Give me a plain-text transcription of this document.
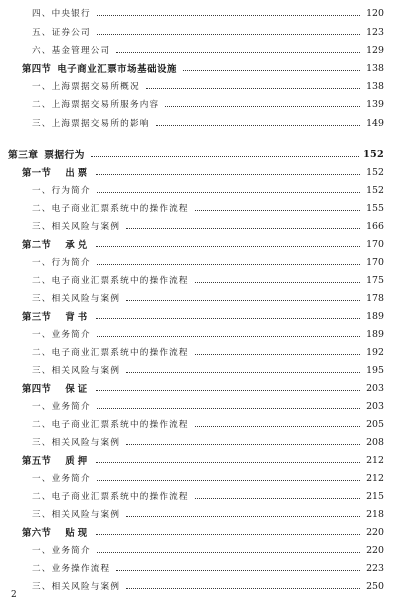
四、中央银行	120
五、证券公司	123
六、基金管理公司	129
第四节 电子商业汇票市场基础设施	138
一、上海票据交易所概况	138
二、上海票据交易所服务内容	139
三、上海票据交易所的影响	149
第三章 票据行为	152
第一节 出票	152
一、行为简介	152
二、电子商业汇票系统中的操作流程	155
三、相关风险与案例	166
第二节 承兑	170
一、行为简介	170
二、电子商业汇票系统中的操作流程	175
三、相关风险与案例	178
第三节 背书	189
一、业务简介	189
二、电子商业汇票系统中的操作流程	192
三、相关风险与案例	195
第四节 保证	203
一、业务简介	203
二、电子商业汇票系统中的操作流程	205
三、相关风险与案例	208
第五节 质押	212
一、业务简介	212
二、电子商业汇票系统中的操作流程	215
三、相关风险与案例	218
第六节 贴现	220
一、业务简介	220
二、业务操作流程	223
三、相关风险与案例	250
2
